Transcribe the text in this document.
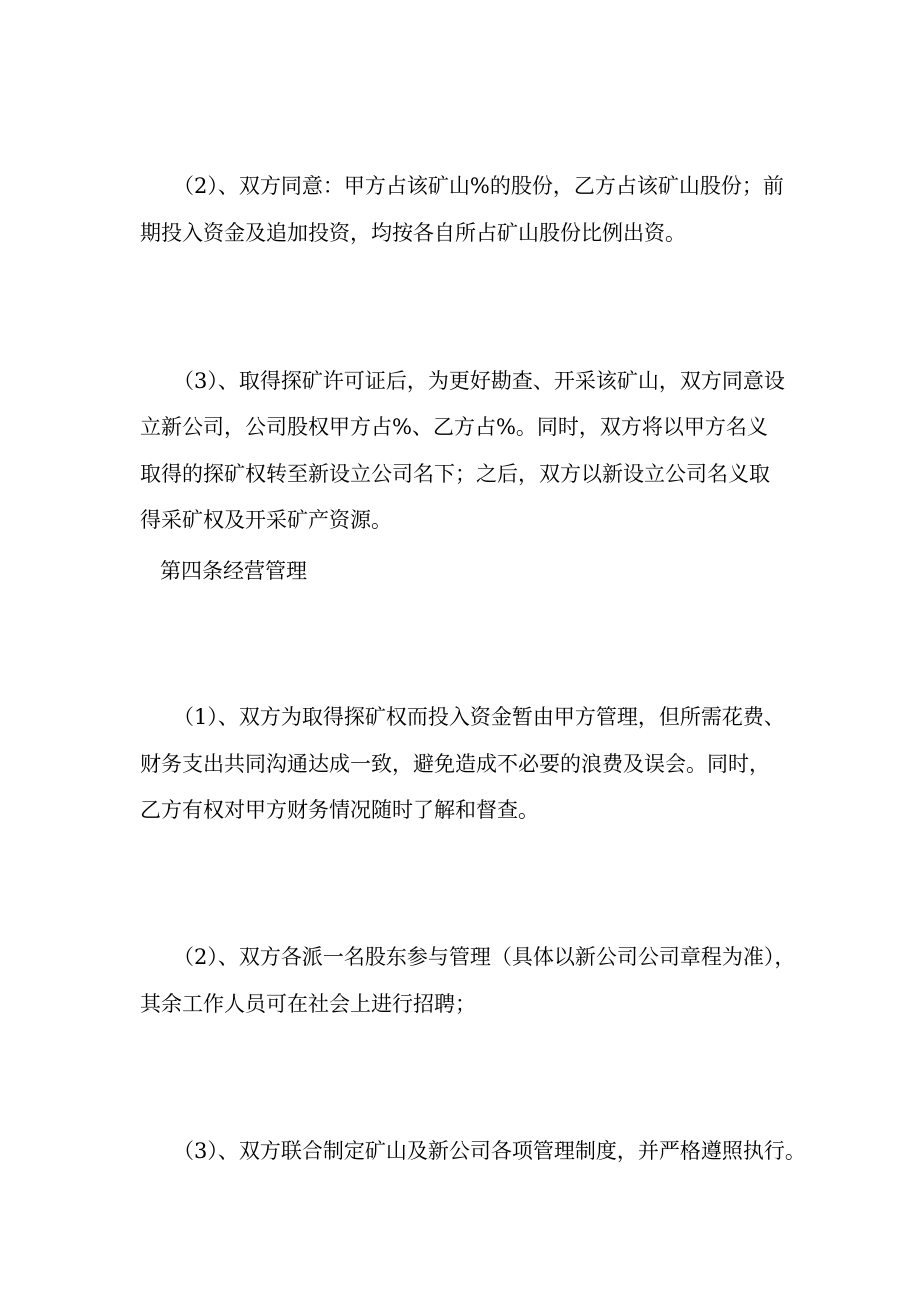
（2）、双方同意：甲方占该矿山%的股份，乙方占该矿山股份；前

期投入资金及追加投资，均按各自所占矿山股份比例出资。

（3）、取得探矿许可证后，为更好勘查、开采该矿山，双方同意设

立新公司，公司股权甲方占%、乙方占%。同时，双方将以甲方名义

取得的探矿权转至新设立公司名下；之后，双方以新设立公司名义取

得采矿权及开采矿产资源。

第四条经营管理

（1）、双方为取得探矿权而投入资金暂由甲方管理，但所需花费、

财务支出共同沟通达成一致，避免造成不必要的浪费及误会。同时，

乙方有权对甲方财务情况随时了解和督查。

（2）、双方各派一名股东参与管理（具体以新公司公司章程为准），

其余工作人员可在社会上进行招聘；

（3）、双方联合制定矿山及新公司各项管理制度，并严格遵照执行。
